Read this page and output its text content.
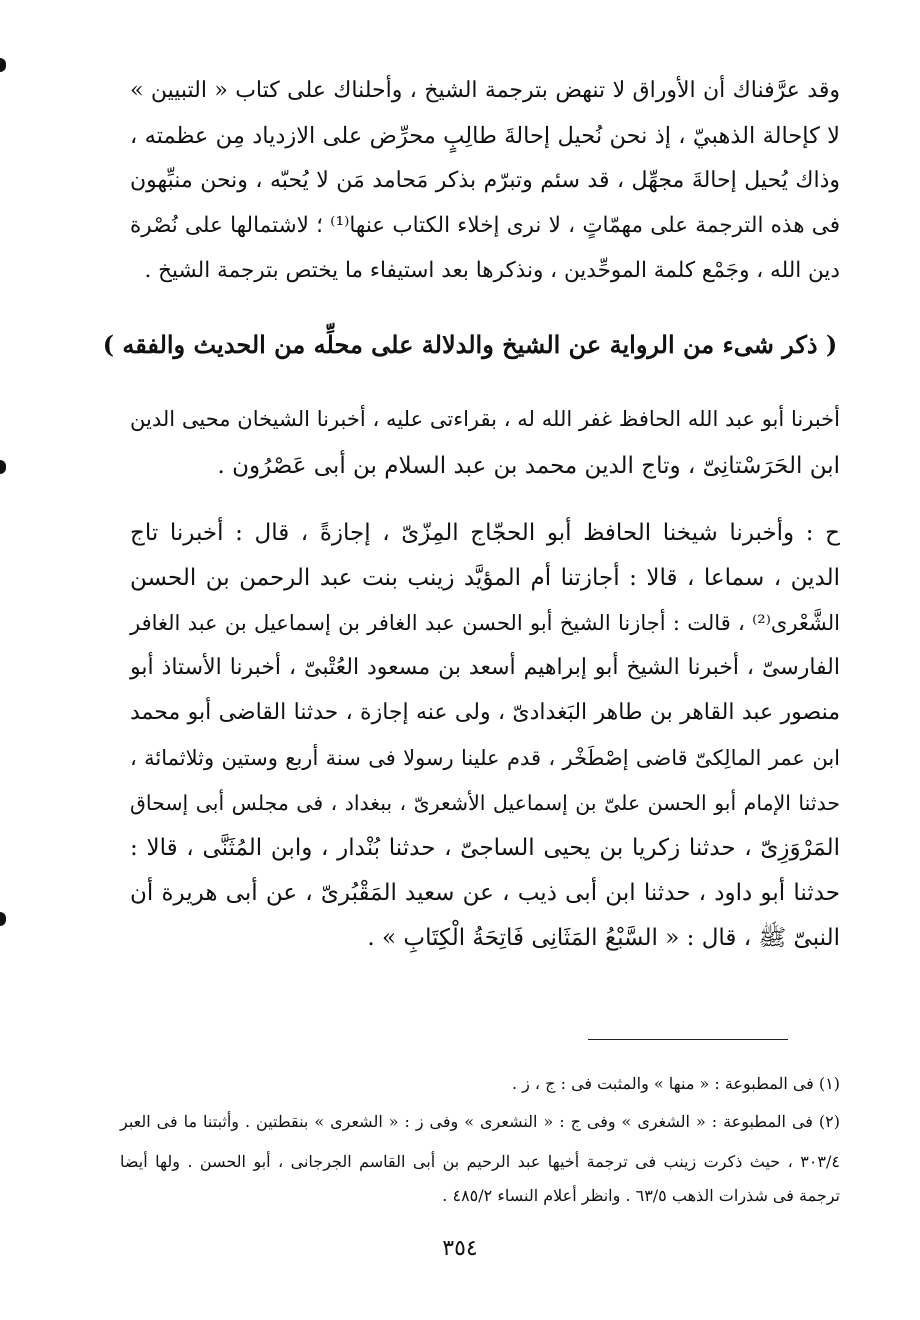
وقد عرَّفناك أن الأوراق لا تنهض بترجمة الشيخ ، وأحلناك على كتاب « التبيين »
لا كإحالة الذهبيّ ، إذ نحن نُحيل إحالةَ طالِبٍ محرِّض على الازدياد مِن عظمته ،
وذاك يُحيل إحالةَ مجهِّل ، قد سئم وتبرّم بذكر مَحامد مَن لا يُحبّه ، ونحن منبِّهون
فى هذه الترجمة على مهمّاتٍ ، لا نرى إخلاء الكتاب عنها⁽¹⁾ ؛ لاشتمالها على نُصْرة
دين الله ، وجَمْع كلمة الموحِّدين ، ونذكرها بعد استيفاء ما يختص بترجمة الشيخ .
( ذكر شىء من الرواية عن الشيخ والدلالة على محلِّه من الحديث والفقه )
أخبرنا أبو عبد الله الحافظ غفر الله له ، بقراءتى عليه ، أخبرنا الشيخان محيى الدين
ابن الحَرَسْتانِىّ ، وتاج الدين محمد بن عبد السلام بن أبى عَصْرُون .
ح : وأخبرنا شيخنا الحافظ أبو الحجّاج المِزّىّ ، إجازةً ، قال : أخبرنا تاج
الدين ، سماعا ، قالا : أجازتنا أم المؤيَّد زينب بنت عبد الرحمن بن الحسن
الشَّعْرى⁽²⁾ ، قالت : أجازنا الشيخ أبو الحسن عبد الغافر بن إسماعيل بن عبد الغافر
الفارسىّ ، أخبرنا الشيخ أبو إبراهيم أسعد بن مسعود العُتْبىّ ، أخبرنا الأستاذ أبو
منصور عبد القاهر بن طاهر البَغدادىّ ، ولى عنه إجازة ، حدثنا القاضى أبو محمد
ابن عمر المالِكىّ قاضى إصْطَخْر ، قدم علينا رسولا فى سنة أربع وستين وثلاثمائة ،
حدثنا الإمام أبو الحسن علىّ بن إسماعيل الأشعرىّ ، ببغداد ، فى مجلس أبى إسحاق
المَرْوَزِىّ ، حدثنا زكريا بن يحيى الساجىّ ، حدثنا بُنْدار ، وابن المُثَنَّى ، قالا :
حدثنا أبو داود ، حدثنا ابن أبى ذيب ، عن سعيد المَقْبُرىّ ، عن أبى هريرة أن
النبىّ ﷺ ، قال : « السَّبْعُ المَثَانِى فَاتِحَةُ الْكِتَابِ » .
(١) فى المطبوعة : « منها » والمثبت فى : ج ، ز .
(٢) فى المطبوعة : « الشغرى » وفى ج : « النشعرى » وفى ز : « الشعرى » بنقطتين . وأثبتنا ما فى العبر
٣٠٣/٤ ، حيث ذكرت زينب فى ترجمة أخيها عبد الرحيم بن أبى القاسم الجرجانى ، أبو الحسن . ولها أيضا
ترجمة فى شذرات الذهب ٦٣/٥ . وانظر أعلام النساء ٤٨٥/٢ .
٣٥٤
